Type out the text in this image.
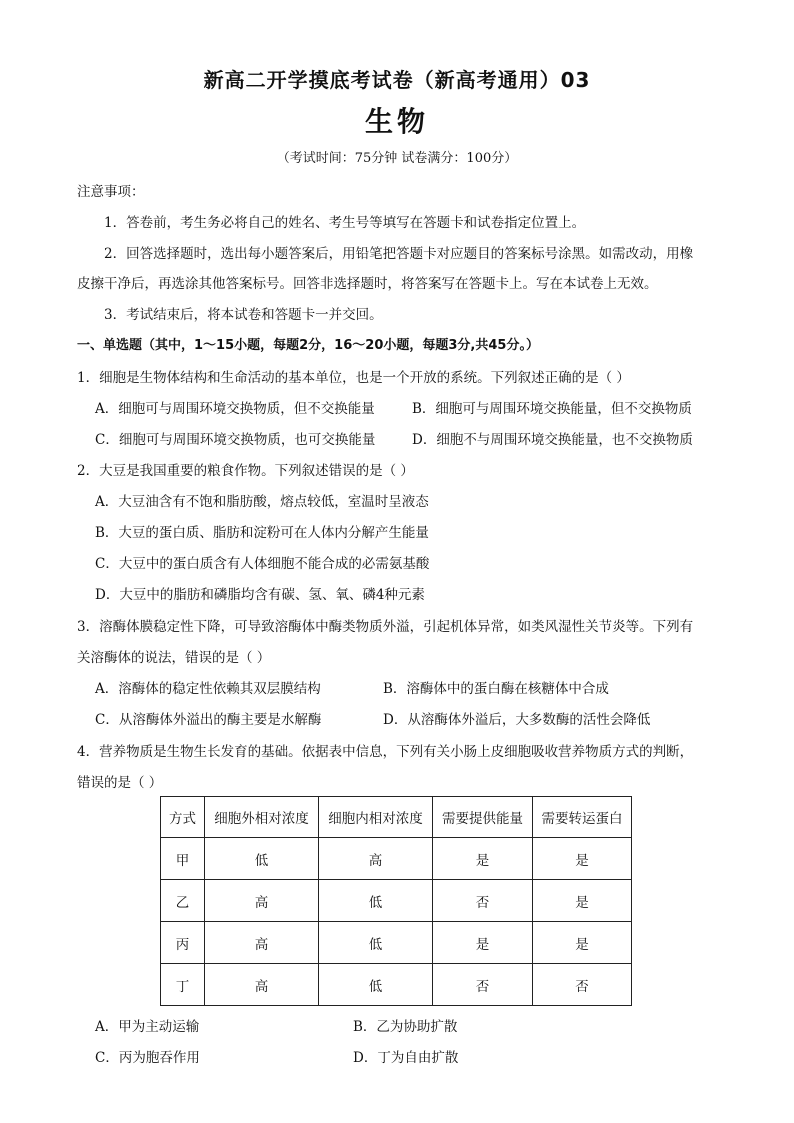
新高二开学摸底考试卷（新高考通用）03
生物
（考试时间：75分钟 试卷满分：100分）
注意事项：
1．答卷前，考生务必将自己的姓名、考生号等填写在答题卡和试卷指定位置上。
2．回答选择题时，选出每小题答案后，用铅笔把答题卡对应题目的答案标号涂黑。如需改动，用橡
皮擦干净后，再选涂其他答案标号。回答非选择题时，将答案写在答题卡上。写在本试卷上无效。
3．考试结束后，将本试卷和答题卡一并交回。
一、单选题（其中，1～15小题，每题2分，16～20小题，每题3分,共45分。）
1．细胞是生物体结构和生命活动的基本单位，也是一个开放的系统。下列叙述正确的是（ ）
A．细胞可与周围环境交换物质，但不交换能量	B．细胞可与周围环境交换能量，但不交换物质
C．细胞可与周围环境交换物质，也可交换能量	D．细胞不与周围环境交换能量，也不交换物质
2．大豆是我国重要的粮食作物。下列叙述错误的是（ ）
A．大豆油含有不饱和脂肪酸，熔点较低，室温时呈液态
B．大豆的蛋白质、脂肪和淀粉可在人体内分解产生能量
C．大豆中的蛋白质含有人体细胞不能合成的必需氨基酸
D．大豆中的脂肪和磷脂均含有碳、氢、氧、磷4种元素
3．溶酶体膜稳定性下降，可导致溶酶体中酶类物质外溢，引起机体异常，如类风湿性关节炎等。下列有
关溶酶体的说法，错误的是（ ）
A．溶酶体的稳定性依赖其双层膜结构	B．溶酶体中的蛋白酶在核糖体中合成
C．从溶酶体外溢出的酶主要是水解酶	D．从溶酶体外溢后，大多数酶的活性会降低
4．营养物质是生物生长发育的基础。依据表中信息，下列有关小肠上皮细胞吸收营养物质方式的判断，
错误的是（ ）
方式	细胞外相对浓度	细胞内相对浓度	需要提供能量	需要转运蛋白
甲	低	高	是	是
乙	高	低	否	是
丙	高	低	是	是
丁	高	低	否	否
A．甲为主动运输	B．乙为协助扩散
C．丙为胞吞作用	D．丁为自由扩散
